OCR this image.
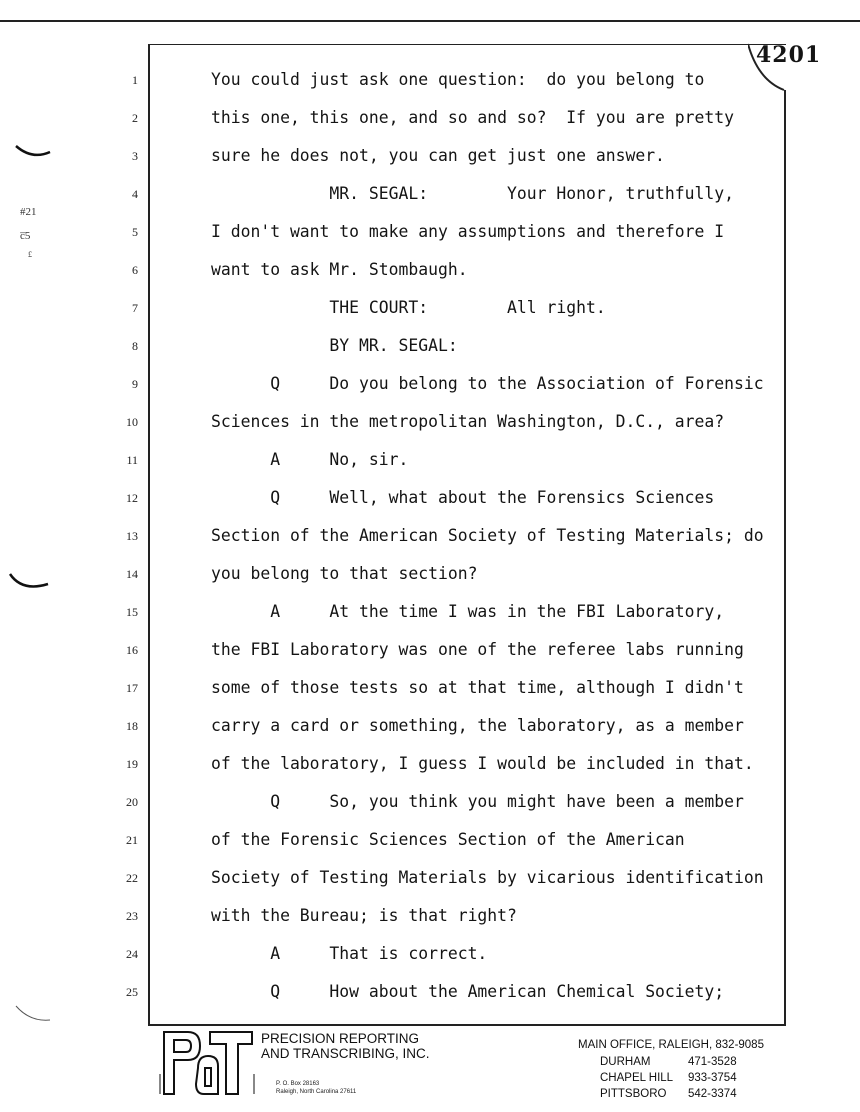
4201
#21
c̅5
£
1	You could just ask one question:  do you belong to
2	this one, this one, and so and so?  If you are pretty
3	sure he does not, you can get just one answer.
4	MR. SEGAL:        Your Honor, truthfully,
5	I don't want to make any assumptions and therefore I
6	want to ask Mr. Stombaugh.
7	THE COURT:        All right.
8	BY MR. SEGAL:
9	Q     Do you belong to the Association of Forensic
10	Sciences in the metropolitan Washington, D.C., area?
11	A     No, sir.
12	Q     Well, what about the Forensics Sciences
13	Section of the American Society of Testing Materials; do
14	you belong to that section?
15	A     At the time I was in the FBI Laboratory,
16	the FBI Laboratory was one of the referee labs running
17	some of those tests so at that time, although I didn't
18	carry a card or something, the laboratory, as a member
19	of the laboratory, I guess I would be included in that.
20	Q     So, you think you might have been a member
21	of the Forensic Sciences Section of the American
22	Society of Testing Materials by vicarious identification
23	with the Bureau; is that right?
24	A     That is correct.
25	Q     How about the American Chemical Society;
PRECISION REPORTING
AND TRANSCRIBING, INC.
P. O. Box 28163
Raleigh, North Carolina 27611
MAIN OFFICE, RALEIGH, 832-9085
DURHAM	471-3528
CHAPEL HILL	933-3754
PITTSBORO	542-3374
